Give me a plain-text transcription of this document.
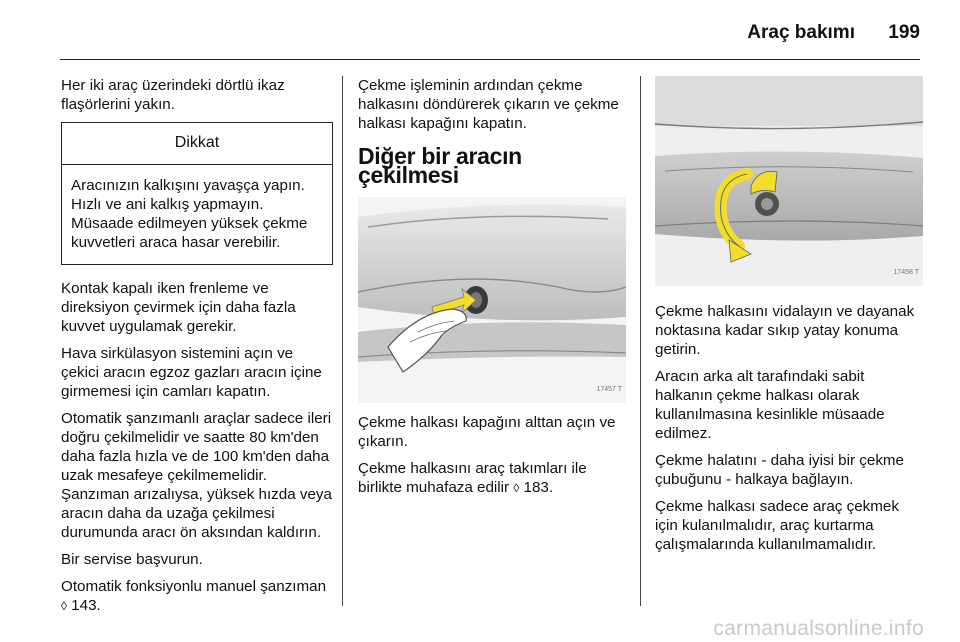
Araç bakımı 199

Her iki araç üzerindeki dörtlü ikaz flaşörlerini yakın.

Dikkat
Aracınızın kalkışını yavaşça yapın. Hızlı ve ani kalkış yapmayın. Müsaade edilmeyen yüksek çekme kuvvetleri araca hasar verebilir.

Kontak kapalı iken frenleme ve direksiyon çevirmek için daha fazla kuvvet uygulamak gerekir.

Hava sirkülasyon sistemini açın ve çekici aracın egzoz gazları aracın içine girmemesi için camları kapatın.

Otomatik şanzımanlı araçlar sadece ileri doğru çekilmelidir ve saatte 80 km'den daha fazla hızla ve de 100 km'den daha uzak mesafeye çekilmemelidir. Şanzıman arızalıysa, yüksek hızda veya aracın daha da uzağa çekilmesi durumunda aracı ön aksından kaldırın.

Bir servise başvurun.

Otomatik fonksiyonlu manuel şanzıman ◊ 143.

Çekme işleminin ardından çekme halkasını döndürerek çıkarın ve çekme halkası kapağını kapatın.

Diğer bir aracın çekilmesi
17457 T

Çekme halkası kapağını alttan açın ve çıkarın.

Çekme halkasını araç takımları ile birlikte muhafaza edilir ◊ 183.

17458 T

Çekme halkasını vidalayın ve dayanak noktasına kadar sıkıp yatay konuma getirin.

Aracın arka alt tarafındaki sabit halkanın çekme halkası olarak kullanılmasına kesinlikle müsaade edilmez.

Çekme halatını - daha iyisi bir çekme çubuğunu - halkaya bağlayın.

Çekme halkası sadece araç çekmek için kulanılmalıdır, araç kurtarma çalışmalarında kullanılmamalıdır.

carmanualsonline.info
